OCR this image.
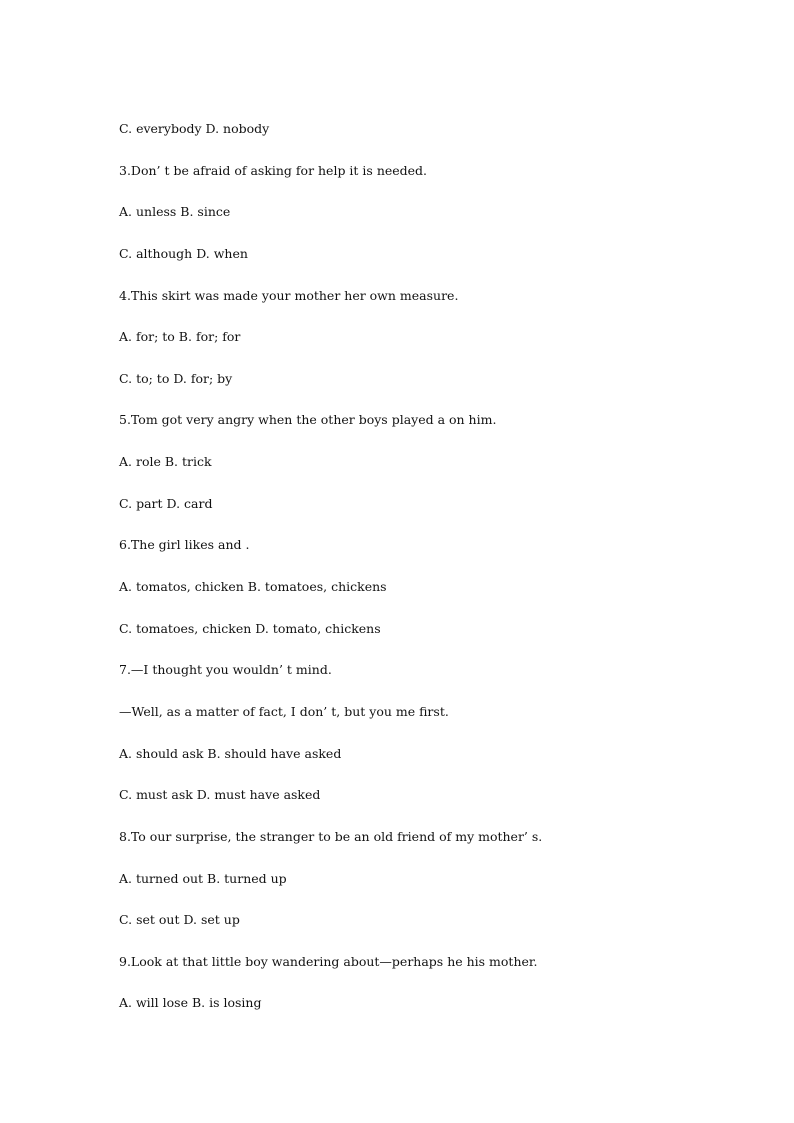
C. everybody D. nobody
3.Don’ t be afraid of asking for help it is needed.
A. unless B. since
C. although D. when
4.This skirt was made your mother her own measure.
A. for; to B. for; for
C. to; to D. for; by
5.Tom got very angry when the other boys played a on him.
A. role B. trick
C. part D. card
6.The girl likes and .
A. tomatos, chicken B. tomatoes, chickens
C. tomatoes, chicken D. tomato, chickens
7.—I thought you wouldn’ t mind.
—Well, as a matter of fact, I don’ t, but you me first.
A. should ask B. should have asked
C. must ask D. must have asked
8.To our surprise, the stranger to be an old friend of my mother’ s.
A. turned out B. turned up
C. set out D. set up
9.Look at that little boy wandering about—perhaps he his mother.
A. will lose B. is losing
